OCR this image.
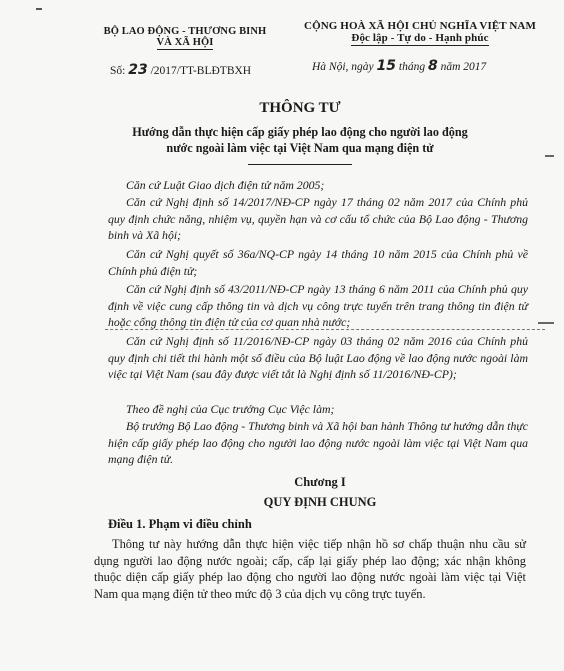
BỘ LAO ĐỘNG - THƯƠNG BINH
VÀ XÃ HỘI
CỘNG HOÀ XÃ HỘI CHỦ NGHĨA VIỆT NAM
Độc lập - Tự do - Hạnh phúc
Số: 23 /2017/TT-BLĐTBXH	Hà Nội, ngày 15 tháng 8 năm 2017
THÔNG TƯ
Hướng dẫn thực hiện cấp giấy phép lao động cho người lao động
nước ngoài làm việc tại Việt Nam qua mạng điện tử
Căn cứ Luật Giao dịch điện tử năm 2005;
Căn cứ Nghị định số 14/2017/NĐ-CP ngày 17 tháng 02 năm 2017 của Chính phủ quy định chức năng, nhiệm vụ, quyền hạn và cơ cấu tổ chức của Bộ Lao động - Thương binh và Xã hội;
Căn cứ Nghị quyết số 36a/NQ-CP ngày 14 tháng 10 năm 2015 của Chính phủ về Chính phủ điện tử;
Căn cứ Nghị định số 43/2011/NĐ-CP ngày 13 tháng 6 năm 2011 của Chính phủ quy định về việc cung cấp thông tin và dịch vụ công trực tuyến trên trang thông tin điện tử hoặc cổng thông tin điện tử của cơ quan nhà nước;
Căn cứ Nghị định số 11/2016/NĐ-CP ngày 03 tháng 02 năm 2016 của Chính phủ quy định chi tiết thi hành một số điều của Bộ luật Lao động về lao động nước ngoài làm việc tại Việt Nam (sau đây được viết tắt là Nghị định số 11/2016/NĐ-CP);
Theo đề nghị của Cục trưởng Cục Việc làm;
Bộ trưởng Bộ Lao động - Thương binh và Xã hội ban hành Thông tư hướng dẫn thực hiện cấp giấy phép lao động cho người lao động nước ngoài làm việc tại Việt Nam qua mạng điện tử.
Chương I
QUY ĐỊNH CHUNG
Điều 1. Phạm vi điều chỉnh
Thông tư này hướng dẫn thực hiện việc tiếp nhận hồ sơ chấp thuận nhu cầu sử dụng người lao động nước ngoài; cấp, cấp lại giấy phép lao động; xác nhận không thuộc diện cấp giấy phép lao động cho người lao động nước ngoài làm việc tại Việt Nam qua mạng điện tử theo mức độ 3 của dịch vụ công trực tuyến.
